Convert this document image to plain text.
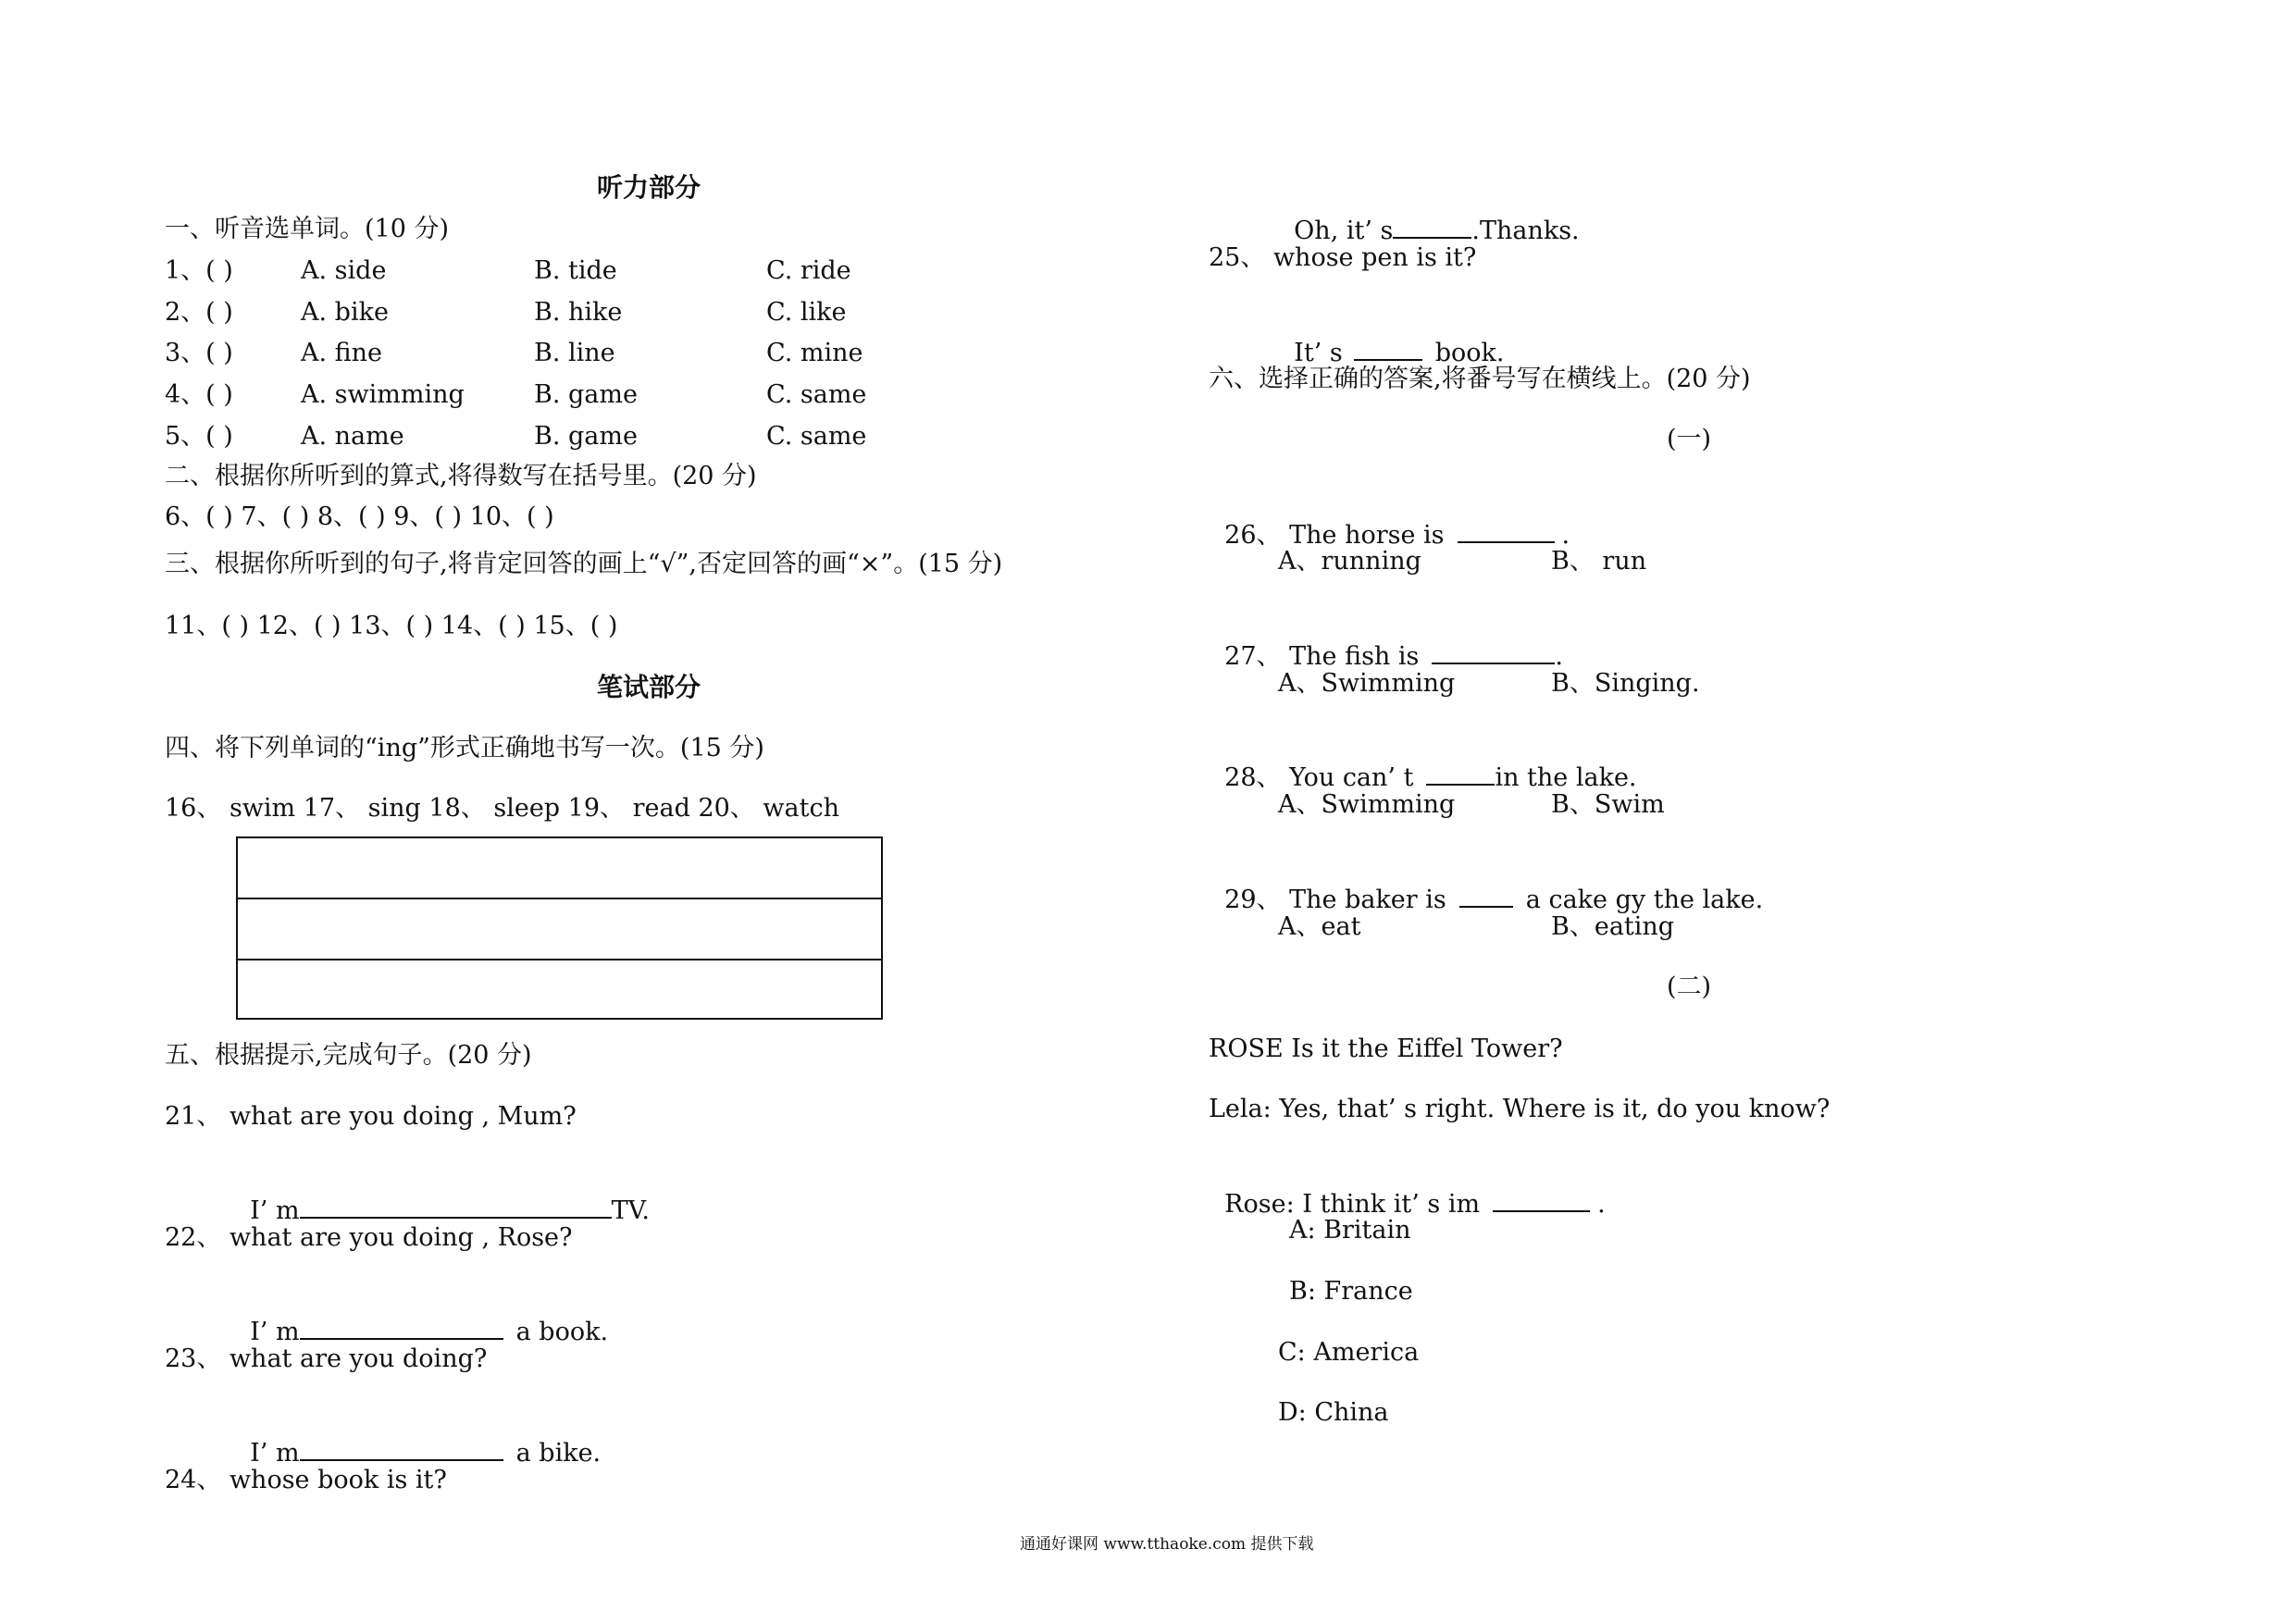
听力部分
一、听音选单词。(10 分)
1、( )	A. side	B. tide	C. ride
2、( )	A. bike	B. hike	C. like
3、( )	A. fine	B. line	C. mine
4、( )	A. swimming	B. game	C. same
5、( )	A. name	B. game	C. same
二、根据你所听到的算式,将得数写在括号里。(20 分)
6、( ) 7、( ) 8、( ) 9、( ) 10、( )
三、根据你所听到的句子,将肯定回答的画上“√”,否定回答的画“×”。(15 分)
11、( ) 12、( ) 13、( ) 14、( ) 15、( )
笔试部分
四、将下列单词的“ing”形式正确地书写一次。(15 分)
16、 swim 17、 sing 18、 sleep 19、 read 20、 watch
五、根据提示,完成句子。(20 分)
21、 what are you doing , Mum?

I’ m	TV.

22、 what are you doing , Rose?

I’ m	a book.

23、 what are you doing?

I’ m	a bike.

24、 whose book is it?

Oh, it’ s	.Thanks.

25、 whose pen is it?

It’ s	book.

六、选择正确的答案,将番号写在横线上。(20 分)
(一)

26、 The horse is	.

A、running	B、 run

27、 The fish is	.

A、Swimming	B、Singing.

28、 You can’ t	in the lake.

A、Swimming	B、Swim

29、 The baker is	a cake gy the lake.

A、eat	B、eating
(二)
ROSE Is it the Eiffel Tower?
Lela: Yes, that’ s right. Where is it, do you know?

Rose: I think it’ s im	.

A: Britain
B: France
C: America
D: China
通通好课网 www.tthaoke.com 提供下载
